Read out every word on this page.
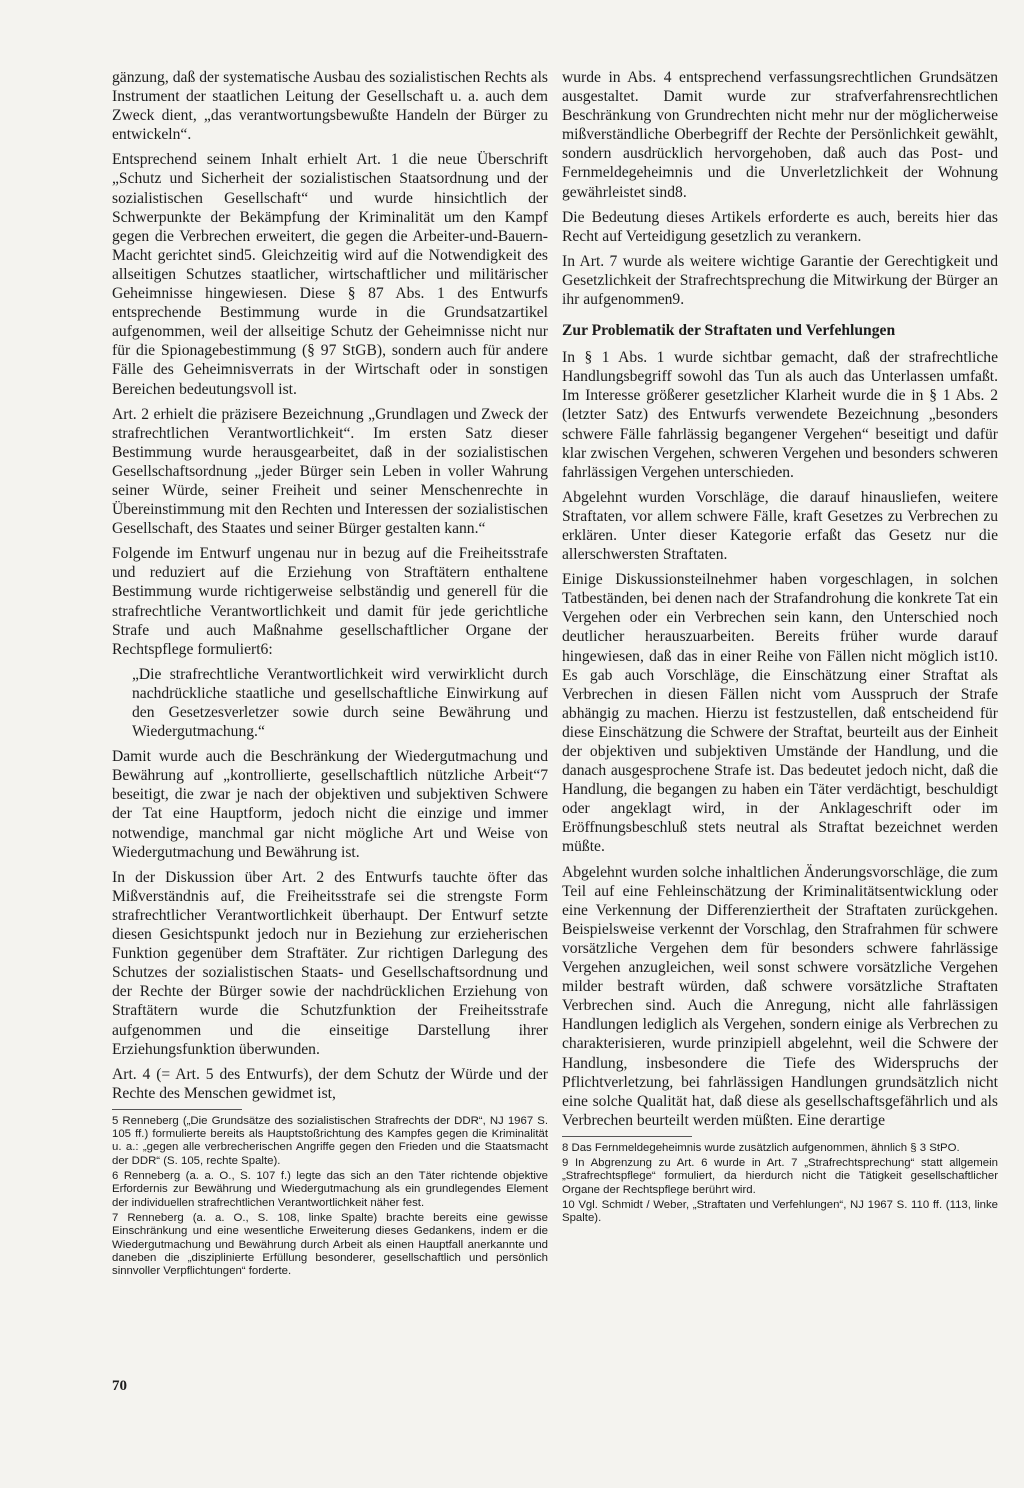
gänzung, daß der systematische Ausbau des sozialistischen Rechts als Instrument der staatlichen Leitung der Gesellschaft u. a. auch dem Zweck dient, „das verantwortungsbewußte Handeln der Bürger zu entwickeln“.

Entsprechend seinem Inhalt erhielt Art. 1 die neue Überschrift „Schutz und Sicherheit der sozialistischen Staatsordnung und der sozialistischen Gesellschaft“ und wurde hinsichtlich der Schwerpunkte der Bekämpfung der Kriminalität um den Kampf gegen die Verbrechen erweitert, die gegen die Arbeiter-und-Bauern-Macht gerichtet sind5. Gleichzeitig wird auf die Notwendigkeit des allseitigen Schutzes staatlicher, wirtschaftlicher und militärischer Geheimnisse hingewiesen. Diese § 87 Abs. 1 des Entwurfs entsprechende Bestimmung wurde in die Grundsatzartikel aufgenommen, weil der allseitige Schutz der Geheimnisse nicht nur für die Spionagebestimmung (§ 97 StGB), sondern auch für andere Fälle des Geheimnisverrats in der Wirtschaft oder in sonstigen Bereichen bedeutungsvoll ist.

Art. 2 erhielt die präzisere Bezeichnung „Grundlagen und Zweck der strafrechtlichen Verantwortlichkeit“. Im ersten Satz dieser Bestimmung wurde herausgearbeitet, daß in der sozialistischen Gesellschaftsordnung „jeder Bürger sein Leben in voller Wahrung seiner Würde, seiner Freiheit und seiner Menschenrechte in Übereinstimmung mit den Rechten und Interessen der sozialistischen Gesellschaft, des Staates und seiner Bürger gestalten kann.“

Folgende im Entwurf ungenau nur in bezug auf die Freiheitsstrafe und reduziert auf die Erziehung von Straftätern enthaltene Bestimmung wurde richtigerweise selbständig und generell für die strafrechtliche Verantwortlichkeit und damit für jede gerichtliche Strafe und auch Maßnahme gesellschaftlicher Organe der Rechtspflege formuliert6:

„Die strafrechtliche Verantwortlichkeit wird verwirklicht durch nachdrückliche staatliche und gesellschaftliche Einwirkung auf den Gesetzesverletzer sowie durch seine Bewährung und Wiedergutmachung.“

Damit wurde auch die Beschränkung der Wiedergutmachung und Bewährung auf „kontrollierte, gesellschaftlich nützliche Arbeit“7 beseitigt, die zwar je nach der objektiven und subjektiven Schwere der Tat eine Hauptform, jedoch nicht die einzige und immer notwendige, manchmal gar nicht mögliche Art und Weise von Wiedergutmachung und Bewährung ist.

In der Diskussion über Art. 2 des Entwurfs tauchte öfter das Mißverständnis auf, die Freiheitsstrafe sei die strengste Form strafrechtlicher Verantwortlichkeit überhaupt. Der Entwurf setzte diesen Gesichtspunkt jedoch nur in Beziehung zur erzieherischen Funktion gegenüber dem Straftäter. Zur richtigen Darlegung des Schutzes der sozialistischen Staats- und Gesellschaftsordnung und der Rechte der Bürger sowie der nachdrücklichen Erziehung von Straftätern wurde die Schutzfunktion der Freiheitsstrafe aufgenommen und die einseitige Darstellung ihrer Erziehungsfunktion überwunden.

Art. 4 (= Art. 5 des Entwurfs), der dem Schutz der Würde und der Rechte des Menschen gewidmet ist,

5 Renneberg („Die Grundsätze des sozialistischen Strafrechts der DDR“, NJ 1967 S. 105 ff.) formulierte bereits als Hauptstoßrichtung des Kampfes gegen die Kriminalität u. a.: „gegen alle verbrecherischen Angriffe gegen den Frieden und die Staatsmacht der DDR“ (S. 105, rechte Spalte).

6 Renneberg (a. a. O., S. 107 f.) legte das sich an den Täter richtende objektive Erfordernis zur Bewährung und Wiedergutmachung als ein grundlegendes Element der individuellen strafrechtlichen Verantwortlichkeit näher fest.

7 Renneberg (a. a. O., S. 108, linke Spalte) brachte bereits eine gewisse Einschränkung und eine wesentliche Erweiterung dieses Gedankens, indem er die Wiedergutmachung und Bewährung durch Arbeit als einen Hauptfall anerkannte und daneben die „disziplinierte Erfüllung besonderer, gesellschaftlich und persönlich sinnvoller Verpflichtungen“ forderte.

wurde in Abs. 4 entsprechend verfassungsrechtlichen Grundsätzen ausgestaltet. Damit wurde zur strafverfahrensrechtlichen Beschränkung von Grundrechten nicht mehr nur der möglicherweise mißverständliche Oberbegriff der Rechte der Persönlichkeit gewählt, sondern ausdrücklich hervorgehoben, daß auch das Post- und Fernmeldegeheimnis und die Unverletzlichkeit der Wohnung gewährleistet sind8.

Die Bedeutung dieses Artikels erforderte es auch, bereits hier das Recht auf Verteidigung gesetzlich zu verankern.

In Art. 7 wurde als weitere wichtige Garantie der Gerechtigkeit und Gesetzlichkeit der Strafrechtsprechung die Mitwirkung der Bürger an ihr aufgenommen9.

Zur Problematik der Straftaten und Verfehlungen

In § 1 Abs. 1 wurde sichtbar gemacht, daß der strafrechtliche Handlungsbegriff sowohl das Tun als auch das Unterlassen umfaßt. Im Interesse größerer gesetzlicher Klarheit wurde die in § 1 Abs. 2 (letzter Satz) des Entwurfs verwendete Bezeichnung „besonders schwere Fälle fahrlässig begangener Vergehen“ beseitigt und dafür klar zwischen Vergehen, schweren Vergehen und besonders schweren fahrlässigen Vergehen unterschieden.

Abgelehnt wurden Vorschläge, die darauf hinausliefen, weitere Straftaten, vor allem schwere Fälle, kraft Gesetzes zu Verbrechen zu erklären. Unter dieser Kategorie erfaßt das Gesetz nur die allerschwersten Straftaten.

Einige Diskussionsteilnehmer haben vorgeschlagen, in solchen Tatbeständen, bei denen nach der Strafandrohung die konkrete Tat ein Vergehen oder ein Verbrechen sein kann, den Unterschied noch deutlicher herauszuarbeiten. Bereits früher wurde darauf hingewiesen, daß das in einer Reihe von Fällen nicht möglich ist10. Es gab auch Vorschläge, die Einschätzung einer Straftat als Verbrechen in diesen Fällen nicht vom Ausspruch der Strafe abhängig zu machen. Hierzu ist festzustellen, daß entscheidend für diese Einschätzung die Schwere der Straftat, beurteilt aus der Einheit der objektiven und subjektiven Umstände der Handlung, und die danach ausgesprochene Strafe ist. Das bedeutet jedoch nicht, daß die Handlung, die begangen zu haben ein Täter verdächtigt, beschuldigt oder angeklagt wird, in der Anklageschrift oder im Eröffnungsbeschluß stets neutral als Straftat bezeichnet werden müßte.

Abgelehnt wurden solche inhaltlichen Änderungsvorschläge, die zum Teil auf eine Fehleinschätzung der Kriminalitätsentwicklung oder eine Verkennung der Differenziertheit der Straftaten zurückgehen. Beispielsweise verkennt der Vorschlag, den Strafrahmen für schwere vorsätzliche Vergehen dem für besonders schwere fahrlässige Vergehen anzugleichen, weil sonst schwere vorsätzliche Vergehen milder bestraft würden, daß schwere vorsätzliche Straftaten Verbrechen sind. Auch die Anregung, nicht alle fahrlässigen Handlungen lediglich als Vergehen, sondern einige als Verbrechen zu charakterisieren, wurde prinzipiell abgelehnt, weil die Schwere der Handlung, insbesondere die Tiefe des Widerspruchs der Pflichtverletzung, bei fahrlässigen Handlungen grundsätzlich nicht eine solche Qualität hat, daß diese als gesellschaftsgefährlich und als Verbrechen beurteilt werden müßten. Eine derartige

8 Das Fernmeldegeheimnis wurde zusätzlich aufgenommen, ähnlich § 3 StPO.

9 In Abgrenzung zu Art. 6 wurde in Art. 7 „Strafrechtsprechung“ statt allgemein „Strafrechtspflege“ formuliert, da hierdurch nicht die Tätigkeit gesellschaftlicher Organe der Rechtspflege berührt wird.

10 Vgl. Schmidt / Weber, „Straftaten und Verfehlungen“, NJ 1967 S. 110 ff. (113, linke Spalte).

70
